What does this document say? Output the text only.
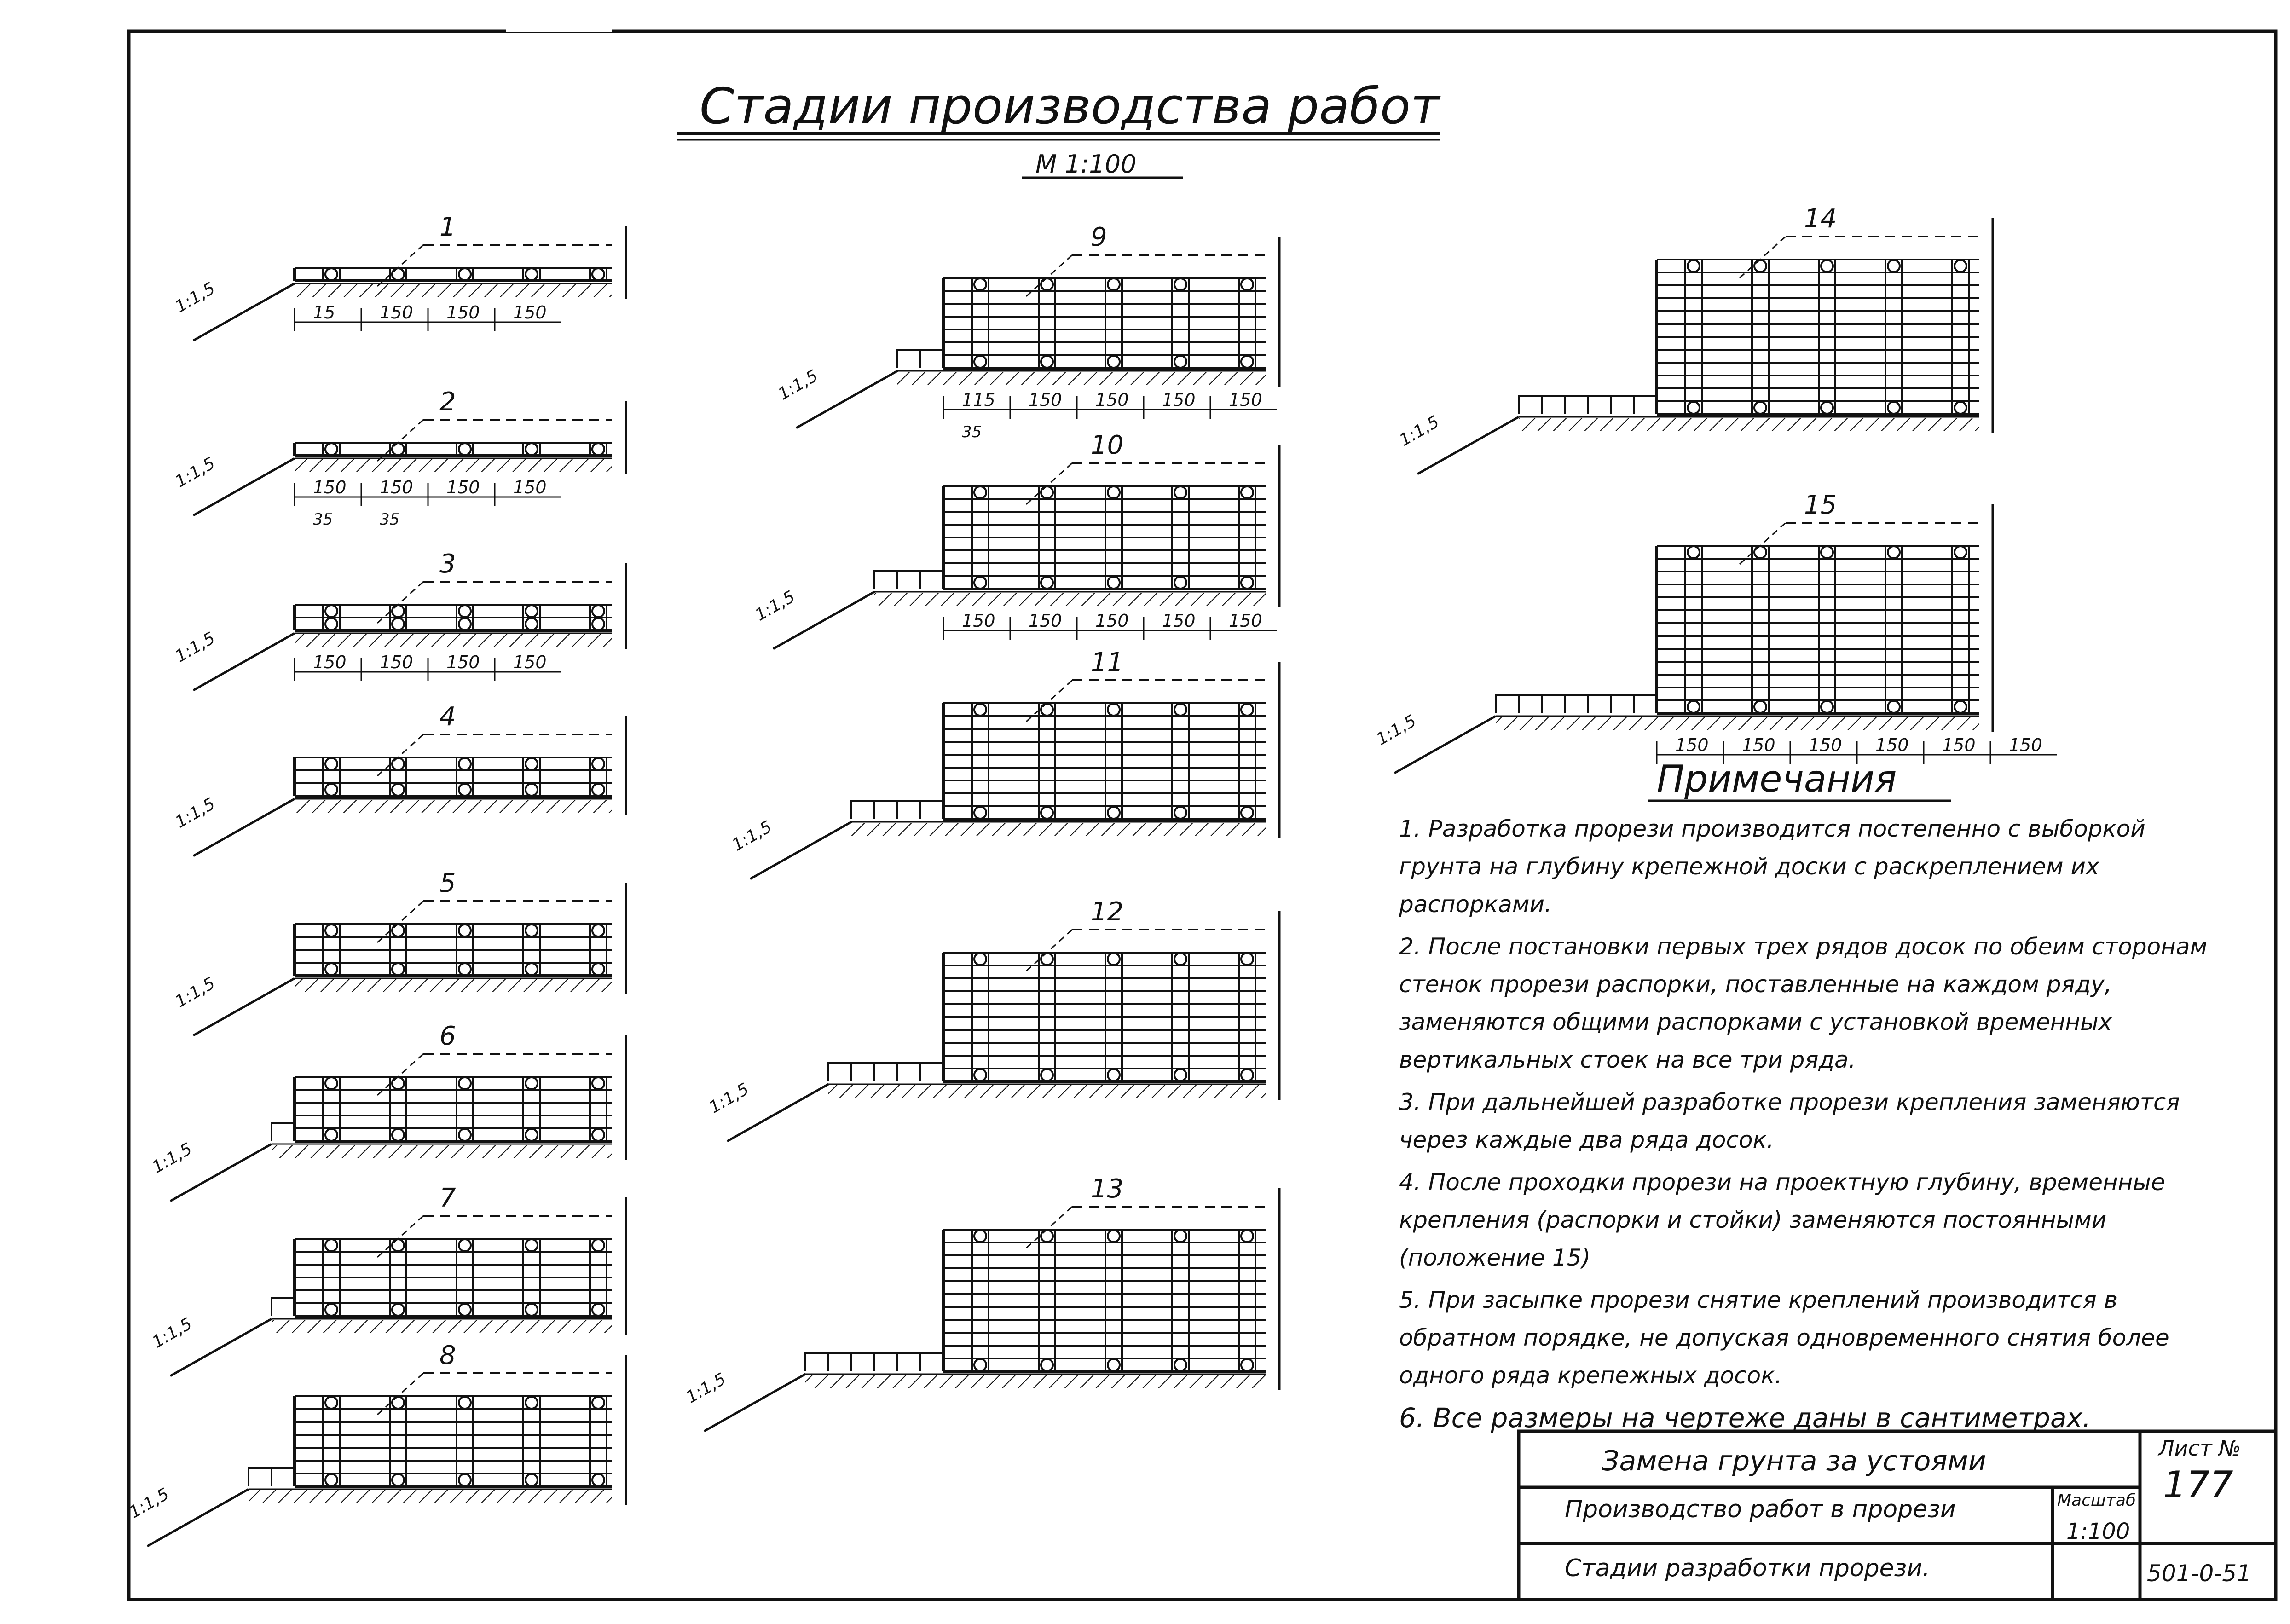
Стадии производства работ
М 1:100
1
1:1,5	15	150 150 150
2
1:1,5	150 150 150 150
35	35
3
1:1,5	150 150 150 150
4
1:1,5
5
1:1,5
6
1:1,5
7
1:1,5
8
1:1,5
9
1:1,5	115 150 150 150 150
35	10
1:1,5	150 150 150 150 150
11
1:1,5
12
1:1,5
13
1:1,5
14
1:1,5
15
1:1,5	150 150 150 150 150 150
Примечания

1. Разработка прорези производится постепенно с выборкой грунта на глубину крепежной доски с раскреплением их распорками.

2. После постановки первых трех рядов досок по обеим сторонам стенок прорези распорки, поставленные на каждом ряду, заменяются общими распорками с установкой временных вертикальных стоек на все три ряда.

3. При дальнейшей разработке прорези крепления заменяются через каждые два ряда досок.

4. После проходки прорези на проектную глубину, временные крепления (распорки и стойки) заменяются постоянными (положение 15)

5. При засыпке прорези снятие креплений производится в обратном порядке, не допуская одновременного снятия более одного ряда крепежных досок.

6. Все размеры на чертеже даны в сантиметрах.

Замена грунта за устоями
Производство работ в прорези
Стадии разработки прорези.
Лист №
177
Масштаб
1:100
501-0-51
